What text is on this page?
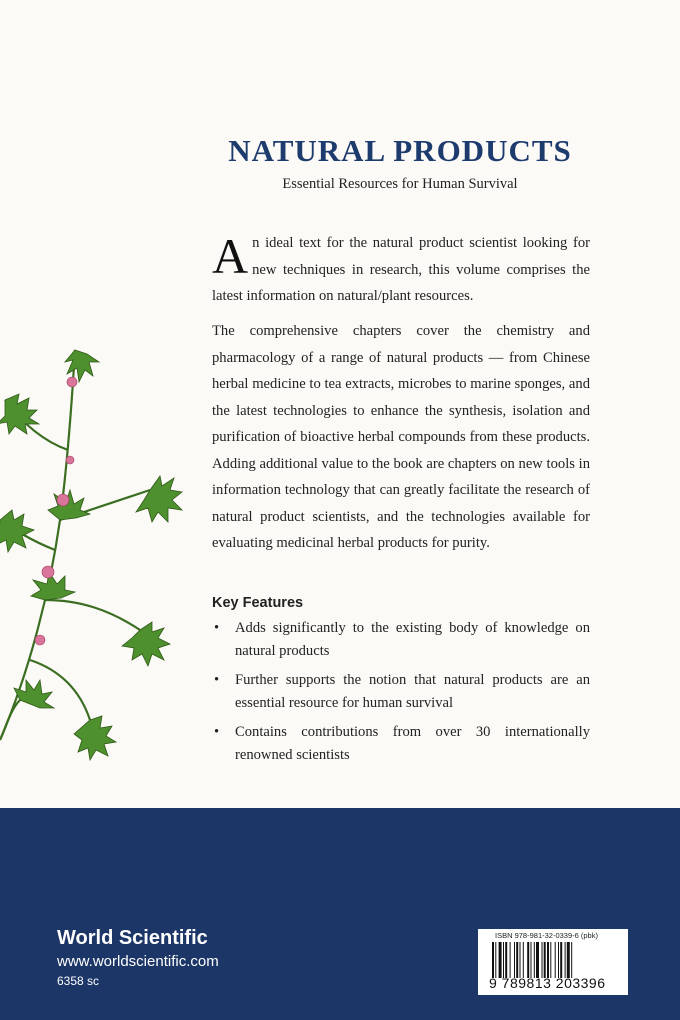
NATURAL PRODUCTS
Essential Resources for Human Survival

An ideal text for the natural product scientist looking for new techniques in research, this volume comprises the latest information on natural/plant resources.

The comprehensive chapters cover the chemistry and pharmacology of a range of natural products — from Chinese herbal medicine to tea extracts, microbes to marine sponges, and the latest technologies to enhance the synthesis, isolation and purification of bioactive herbal compounds from these products. Adding additional value to the book are chapters on new tools in information technology that can greatly facilitate the research of natural product scientists, and the technologies available for evaluating medicinal herbal products for purity.

Key Features
• Adds significantly to the existing body of knowledge on natural products
• Further supports the notion that natural products are an essential resource for human survival
• Contains contributions from over 30 internationally renowned scientists
World Scientific
www.worldscientific.com
6358 sc
ISBN 978-981-32-0339-6 (pbk)
9 789813 203396
